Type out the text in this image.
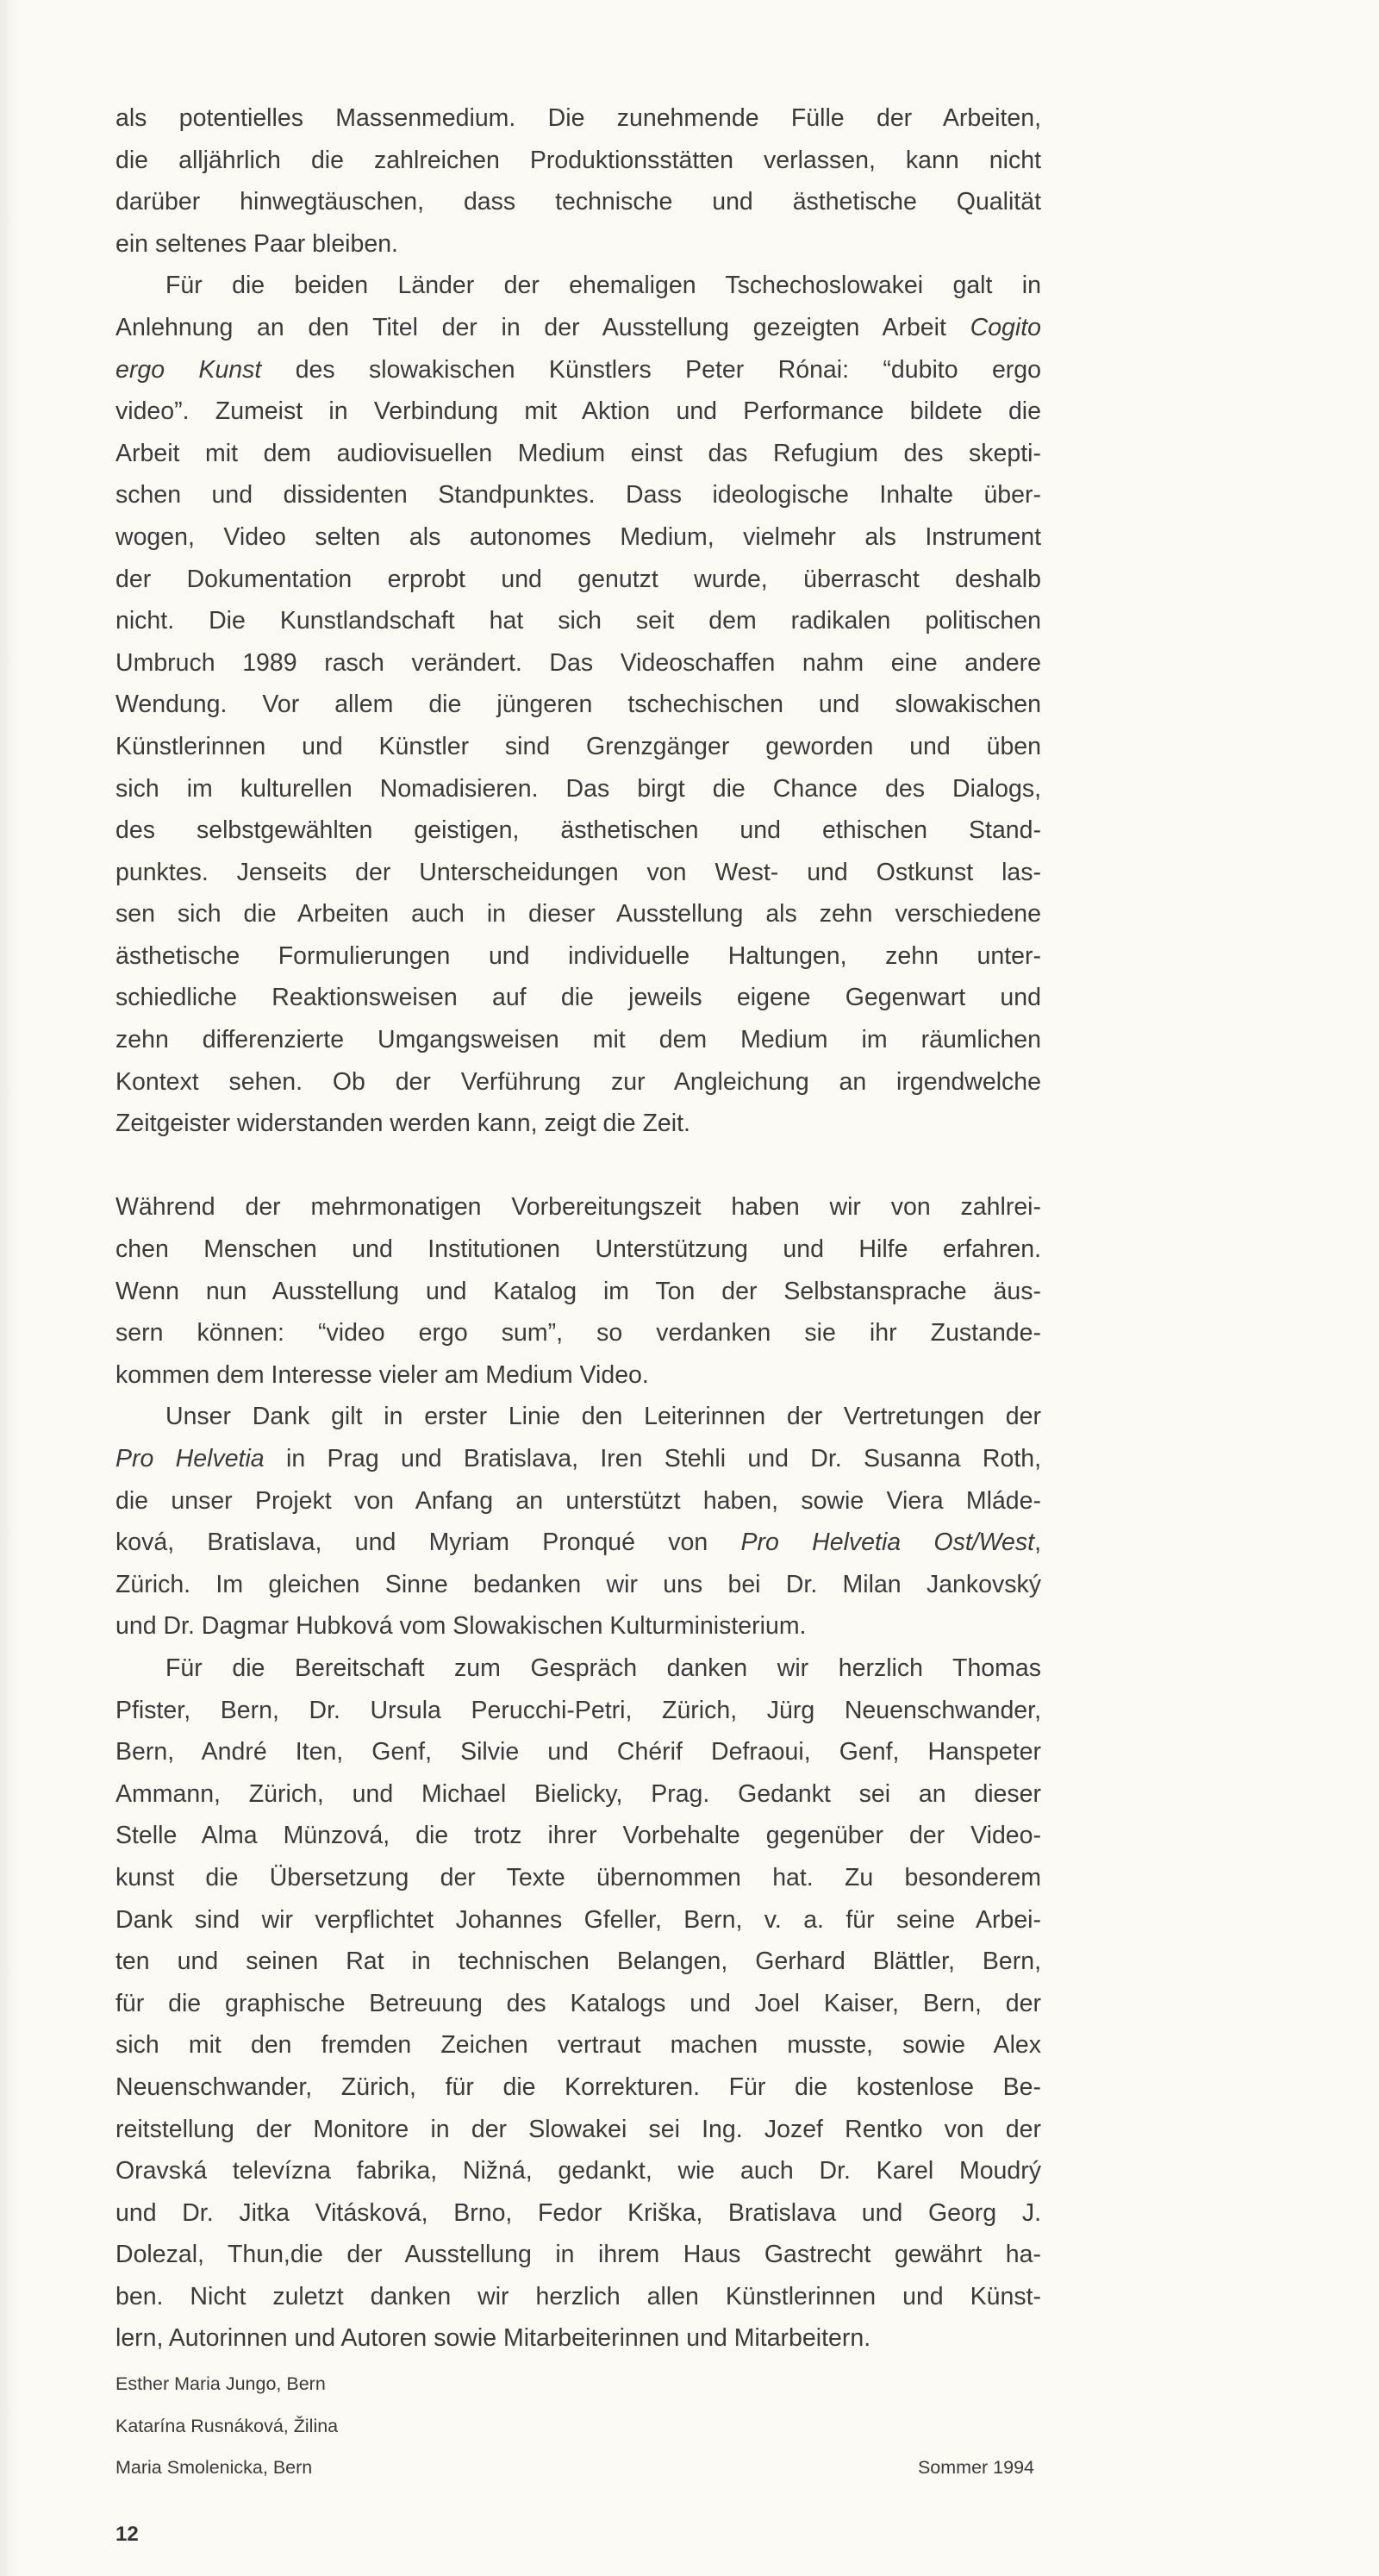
als potentielles Massenmedium. Die zunehmende Fülle der Arbeiten,
die alljährlich die zahlreichen Produktionsstätten verlassen, kann nicht
darüber hinwegtäuschen, dass technische und ästhetische Qualität
ein seltenes Paar bleiben.
Für die beiden Länder der ehemaligen Tschechoslowakei galt in
Anlehnung an den Titel der in der Ausstellung gezeigten Arbeit Cogito
ergo Kunst des slowakischen Künstlers Peter Rónai: “dubito ergo
video”. Zumeist in Verbindung mit Aktion und Performance bildete die
Arbeit mit dem audiovisuellen Medium einst das Refugium des skepti-
schen und dissidenten Standpunktes. Dass ideologische Inhalte über-
wogen, Video selten als autonomes Medium, vielmehr als Instrument
der Dokumentation erprobt und genutzt wurde, überrascht deshalb
nicht. Die Kunstlandschaft hat sich seit dem radikalen politischen
Umbruch 1989 rasch verändert. Das Videoschaffen nahm eine andere
Wendung. Vor allem die jüngeren tschechischen und slowakischen
Künstlerinnen und Künstler sind Grenzgänger geworden und üben
sich im kulturellen Nomadisieren. Das birgt die Chance des Dialogs,
des selbstgewählten geistigen, ästhetischen und ethischen Stand-
punktes. Jenseits der Unterscheidungen von West- und Ostkunst las-
sen sich die Arbeiten auch in dieser Ausstellung als zehn verschiedene
ästhetische Formulierungen und individuelle Haltungen, zehn unter-
schiedliche Reaktionsweisen auf die jeweils eigene Gegenwart und
zehn differenzierte Umgangsweisen mit dem Medium im räumlichen
Kontext sehen. Ob der Verführung zur Angleichung an irgendwelche
Zeitgeister widerstanden werden kann, zeigt die Zeit.
Während der mehrmonatigen Vorbereitungszeit haben wir von zahlrei-
chen Menschen und Institutionen Unterstützung und Hilfe erfahren.
Wenn nun Ausstellung und Katalog im Ton der Selbstansprache äus-
sern können: “video ergo sum”, so verdanken sie ihr Zustande-
kommen dem Interesse vieler am Medium Video.
Unser Dank gilt in erster Linie den Leiterinnen der Vertretungen der
Pro Helvetia in Prag und Bratislava, Iren Stehli und Dr. Susanna Roth,
die unser Projekt von Anfang an unterstützt haben, sowie Viera Mláde-
ková, Bratislava, und Myriam Pronqué von Pro Helvetia Ost/West,
Zürich. Im gleichen Sinne bedanken wir uns bei Dr. Milan Jankovský
und Dr. Dagmar Hubková vom Slowakischen Kulturministerium.
Für die Bereitschaft zum Gespräch danken wir herzlich Thomas
Pfister, Bern, Dr. Ursula Perucchi-Petri, Zürich, Jürg Neuenschwander,
Bern, André Iten, Genf, Silvie und Chérif Defraoui, Genf, Hanspeter
Ammann, Zürich, und Michael Bielicky, Prag. Gedankt sei an dieser
Stelle Alma Münzová, die trotz ihrer Vorbehalte gegenüber der Video-
kunst die Übersetzung der Texte übernommen hat. Zu besonderem
Dank sind wir verpflichtet Johannes Gfeller, Bern, v. a. für seine Arbei-
ten und seinen Rat in technischen Belangen, Gerhard Blättler, Bern,
für die graphische Betreuung des Katalogs und Joel Kaiser, Bern, der
sich mit den fremden Zeichen vertraut machen musste, sowie Alex
Neuenschwander, Zürich, für die Korrekturen. Für die kostenlose Be-
reitstellung der Monitore in der Slowakei sei Ing. Jozef Rentko von der
Oravská televízna fabrika, Nižná, gedankt, wie auch Dr. Karel Moudrý
und Dr. Jitka Vitásková, Brno, Fedor Kriška, Bratislava und Georg J.
Dolezal, Thun,die der Ausstellung in ihrem Haus Gastrecht gewährt ha-
ben. Nicht zuletzt danken wir herzlich allen Künstlerinnen und Künst-
lern, Autorinnen und Autoren sowie Mitarbeiterinnen und Mitarbeitern.
Esther Maria Jungo, Bern
Katarína Rusnáková, Žilina
Maria Smolenicka, Bern	Sommer 1994
12
